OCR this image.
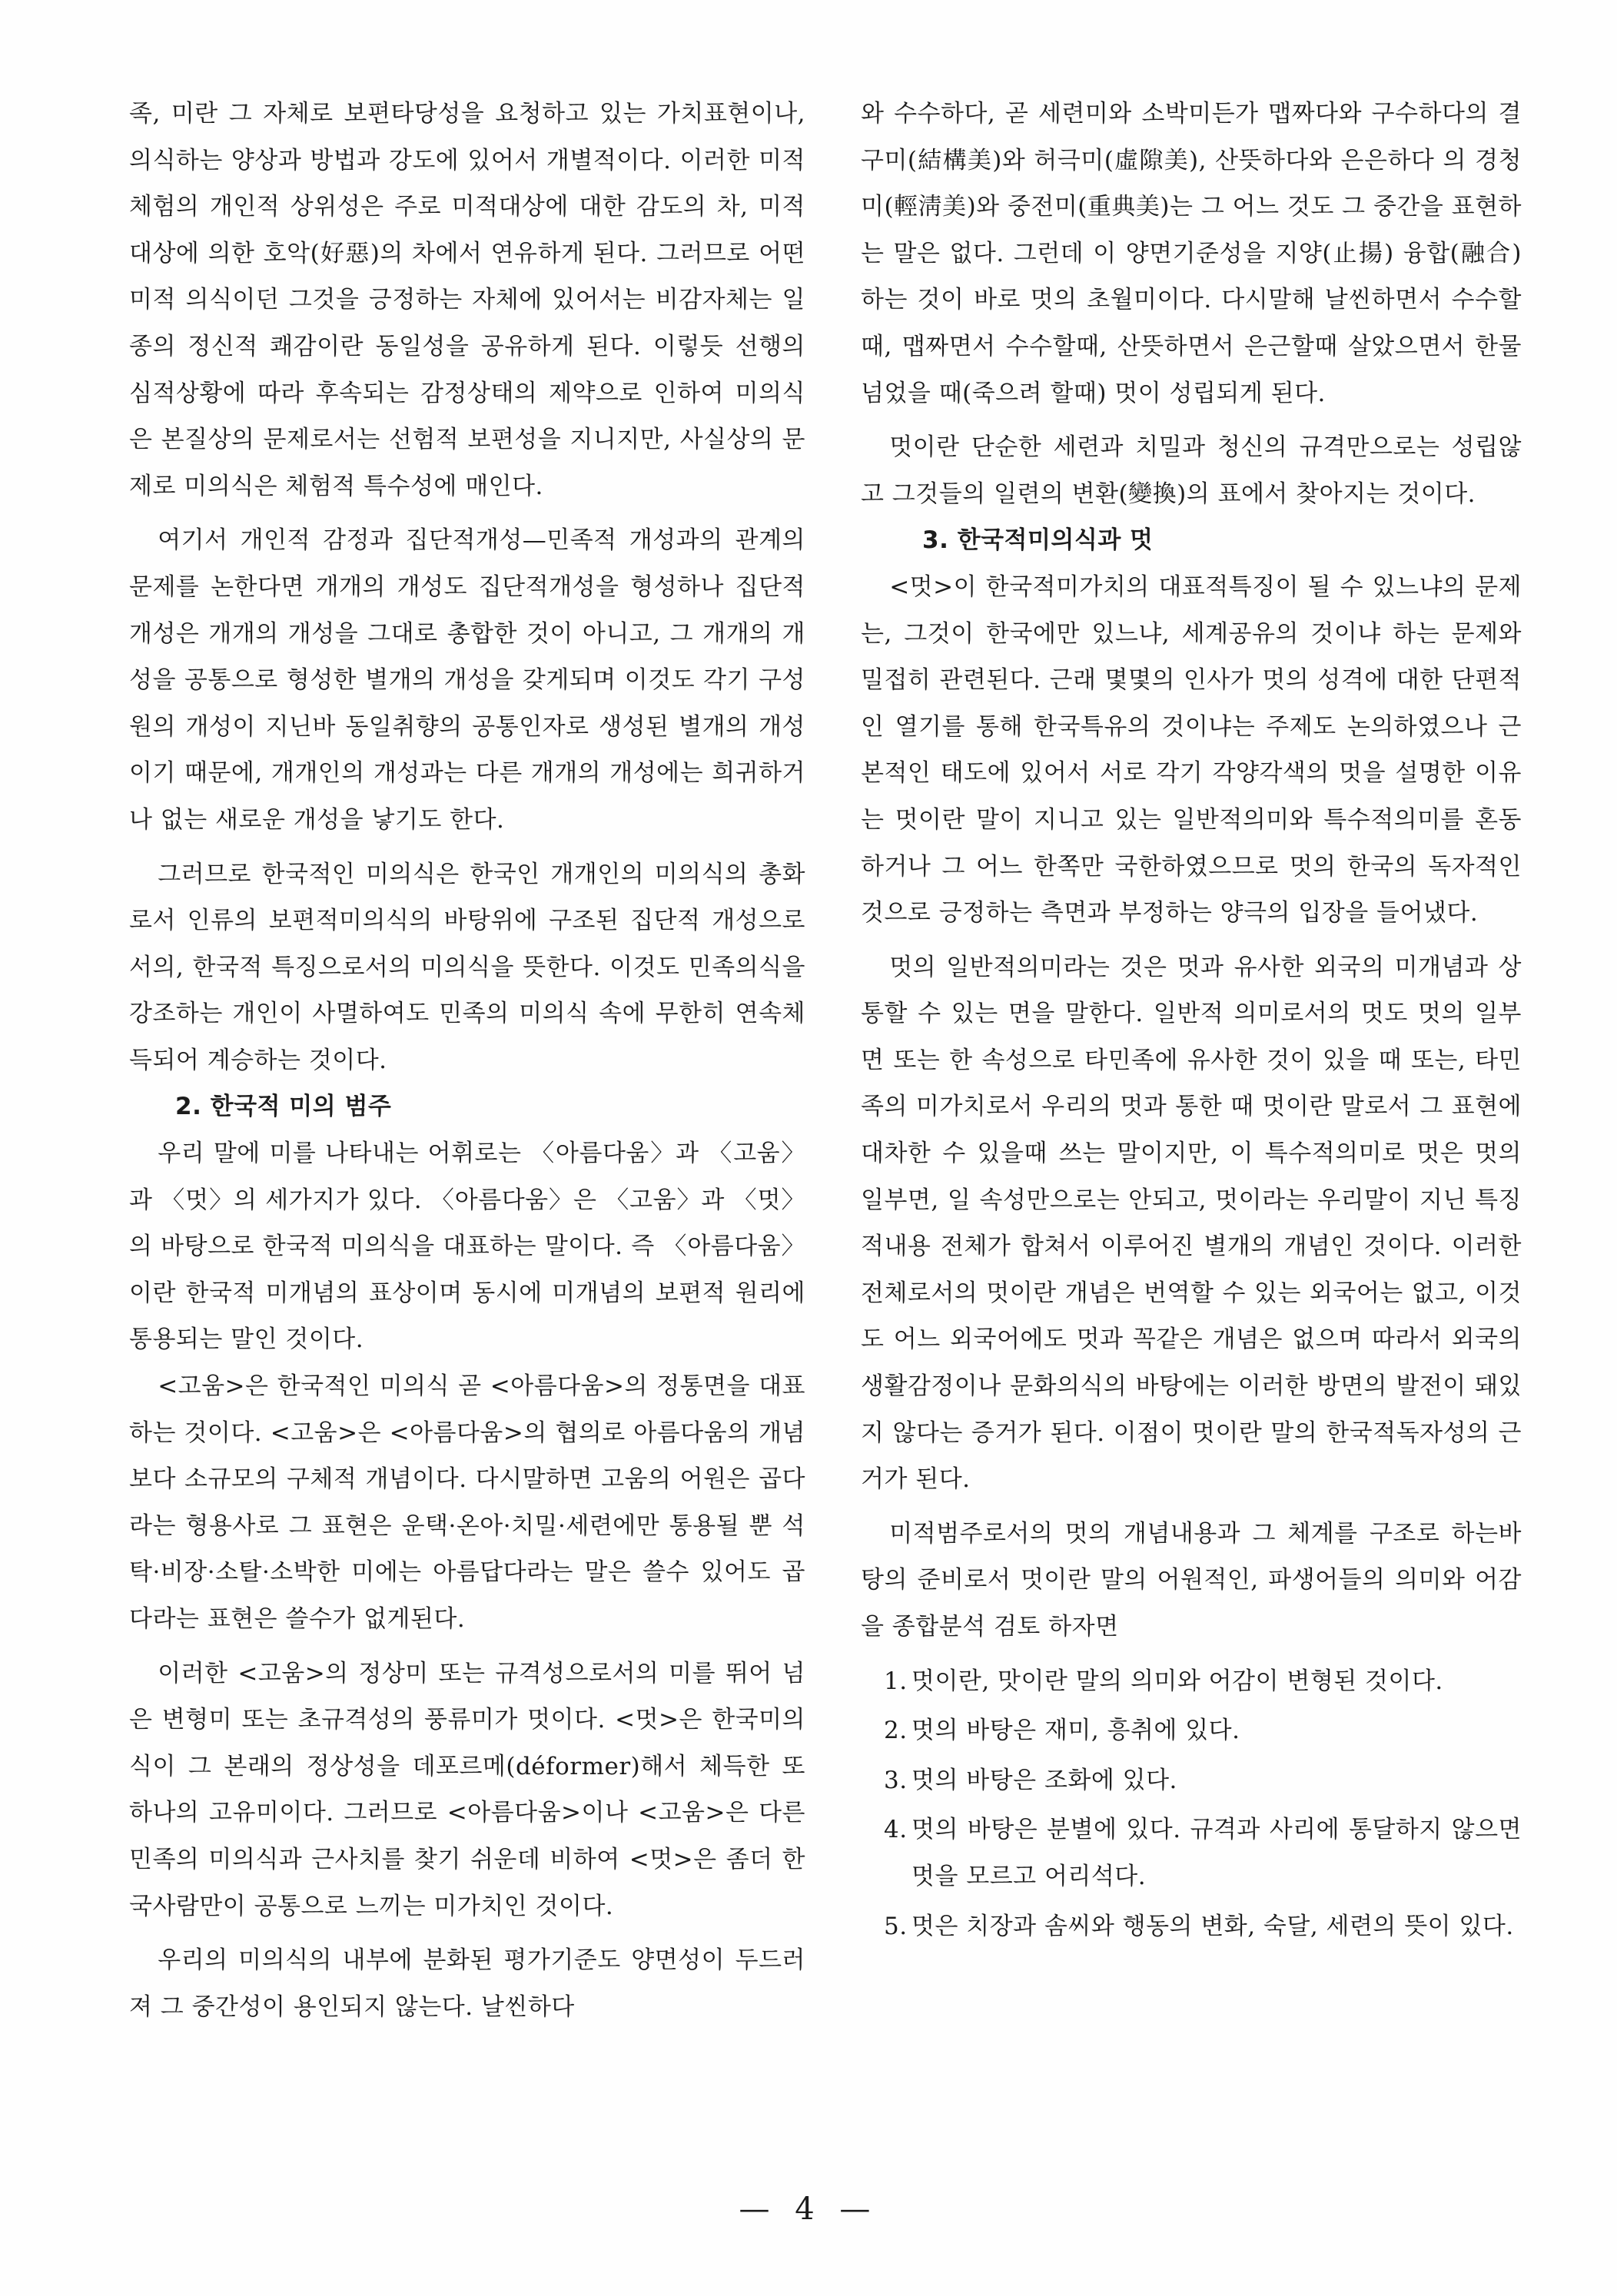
족, 미란 그 자체로 보편타당성을 요청하고 있는 가치표현이나, 의식하는 양상과 방법과 강도에 있어서 개별적이다. 이러한 미적체험의 개인적 상위성은 주로 미적대상에 대한 감도의 차, 미적대상에 의한 호악(好惡)의 차에서 연유하게 된다. 그러므로 어떤 미적 의식이던 그것을 긍정하는 자체에 있어서는 비감자체는 일종의 정신적 쾌감이란 동일성을 공유하게 된다. 이렇듯 선행의 심적상황에 따라 후속되는 감정상태의 제약으로 인하여 미의식은 본질상의 문제로서는 선험적 보편성을 지니지만, 사실상의 문제로 미의식은 체험적 특수성에 매인다.

여기서 개인적 감정과 집단적개성—민족적 개성과의 관계의 문제를 논한다면 개개의 개성도 집단적개성을 형성하나 집단적 개성은 개개의 개성을 그대로 총합한 것이 아니고, 그 개개의 개성을 공통으로 형성한 별개의 개성을 갖게되며 이것도 각기 구성원의 개성이 지닌바 동일취향의 공통인자로 생성된 별개의 개성이기 때문에, 개개인의 개성과는 다른 개개의 개성에는 희귀하거나 없는 새로운 개성을 낳기도 한다.

그러므로 한국적인 미의식은 한국인 개개인의 미의식의 총화로서 인류의 보편적미의식의 바탕위에 구조된 집단적 개성으로서의, 한국적 특징으로서의 미의식을 뜻한다. 이것도 민족의식을 강조하는 개인이 사멸하여도 민족의 미의식 속에 무한히 연속체득되어 계승하는 것이다.

2. 한국적 미의 범주

우리 말에 미를 나타내는 어휘로는 〈아름다움〉과 〈고움〉과 〈멋〉의 세가지가 있다. 〈아름다움〉은 〈고움〉과 〈멋〉의 바탕으로 한국적 미의식을 대표하는 말이다. 즉 〈아름다움〉이란 한국적 미개념의 표상이며 동시에 미개념의 보편적 원리에 통용되는 말인 것이다.

<고움>은 한국적인 미의식 곧 <아름다움>의 정통면을 대표하는 것이다. <고움>은 <아름다움>의 협의로 아름다움의 개념보다 소규모의 구체적 개념이다. 다시말하면 고움의 어원은 곱다라는 형용사로 그 표현은 운택·온아·치밀·세련에만 통용될 뿐 석탁·비장·소탈·소박한 미에는 아름답다라는 말은 쓸수 있어도 곱다라는 표현은 쓸수가 없게된다.

이러한 <고움>의 정상미 또는 규격성으로서의 미를 뛰어 넘은 변형미 또는 초규격성의 풍류미가 멋이다. <멋>은 한국미의식이 그 본래의 정상성을 데포르메(déformer)해서 체득한 또 하나의 고유미이다. 그러므로 <아름다움>이나 <고움>은 다른 민족의 미의식과 근사치를 찾기 쉬운데 비하여 <멋>은 좀더 한국사람만이 공통으로 느끼는 미가치인 것이다.

우리의 미의식의 내부에 분화된 평가기준도 양면성이 두드러져 그 중간성이 용인되지 않는다. 날씬하다

와 수수하다, 곧 세련미와 소박미든가 맵짜다와 구수하다의 결구미(結構美)와 허극미(虛隙美), 산뜻하다와 은은하다 의 경청미(輕淸美)와 중전미(重典美)는 그 어느 것도 그 중간을 표현하는 말은 없다. 그런데 이 양면기준성을 지양(止揚) 융합(融合)하는 것이 바로 멋의 초월미이다. 다시말해 날씬하면서 수수할때, 맵짜면서 수수할때, 산뜻하면서 은근할때 살았으면서 한물 넘었을 때(죽으려 할때) 멋이 성립되게 된다.

멋이란 단순한 세련과 치밀과 청신의 규격만으로는 성립않고 그것들의 일련의 변환(變換)의 표에서 찾아지는 것이다.

3. 한국적미의식과 멋

<멋>이 한국적미가치의 대표적특징이 될 수 있느냐의 문제는, 그것이 한국에만 있느냐, 세계공유의 것이냐 하는 문제와 밀접히 관련된다. 근래 몇몇의 인사가 멋의 성격에 대한 단편적인 열기를 통해 한국특유의 것이냐는 주제도 논의하였으나 근본적인 태도에 있어서 서로 각기 각양각색의 멋을 설명한 이유는 멋이란 말이 지니고 있는 일반적의미와 특수적의미를 혼동하거나 그 어느 한쪽만 국한하였으므로 멋의 한국의 독자적인 것으로 긍정하는 측면과 부정하는 양극의 입장을 들어냈다.

멋의 일반적의미라는 것은 멋과 유사한 외국의 미개념과 상통할 수 있는 면을 말한다. 일반적 의미로서의 멋도 멋의 일부면 또는 한 속성으로 타민족에 유사한 것이 있을 때 또는, 타민족의 미가치로서 우리의 멋과 통한 때 멋이란 말로서 그 표현에 대차한 수 있을때 쓰는 말이지만, 이 특수적의미로 멋은 멋의 일부면, 일 속성만으로는 안되고, 멋이라는 우리말이 지닌 특징적내용 전체가 합쳐서 이루어진 별개의 개념인 것이다. 이러한 전체로서의 멋이란 개념은 번역할 수 있는 외국어는 없고, 이것도 어느 외국어에도 멋과 꼭같은 개념은 없으며 따라서 외국의 생활감정이나 문화의식의 바탕에는 이러한 방면의 발전이 돼있지 않다는 증거가 된다. 이점이 멋이란 말의 한국적독자성의 근거가 된다.

미적범주로서의 멋의 개념내용과 그 체계를 구조로 하는바탕의 준비로서 멋이란 말의 어원적인, 파생어들의 의미와 어감을 종합분석 검토 하자면

1. 멋이란, 맛이란 말의 의미와 어감이 변형된 것이다.
2. 멋의 바탕은 재미, 흥취에 있다.
3. 멋의 바탕은 조화에 있다.
4. 멋의 바탕은 분별에 있다. 규격과 사리에 통달하지 않으면 멋을 모르고 어리석다.
5. 멋은 치장과 솜씨와 행동의 변화, 숙달, 세련의 뜻이 있다.
— 4 —
